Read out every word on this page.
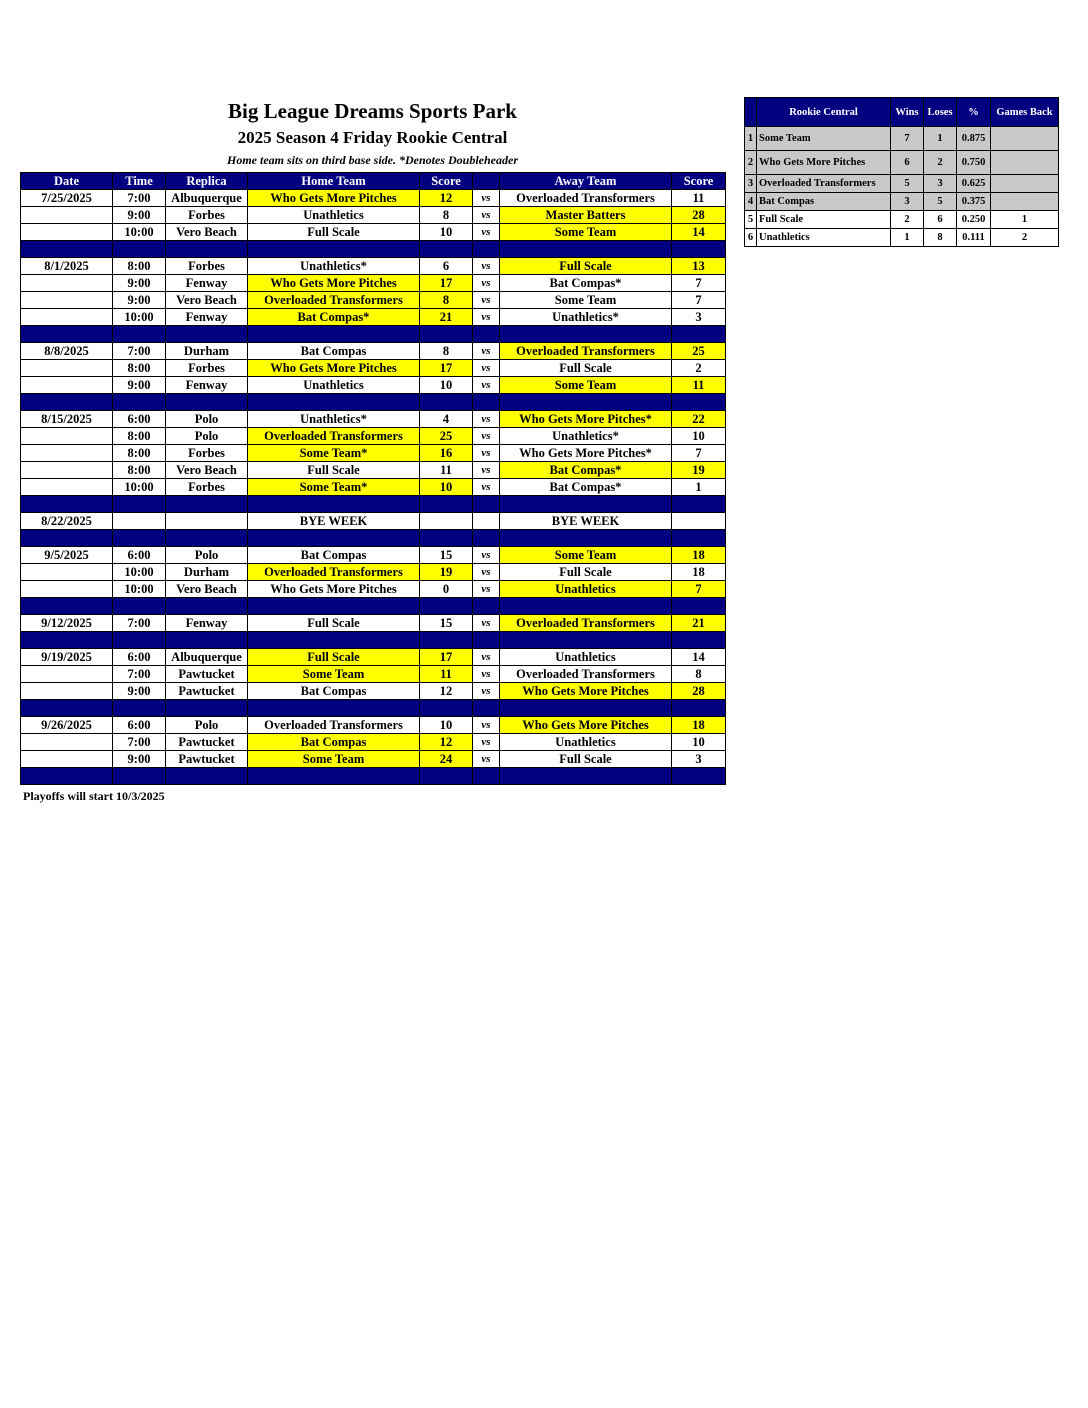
Big League Dreams Sports Park
2025 Season 4 Friday Rookie Central
Home team sits on third base side. *Denotes Doubleheader
Date	Time	Replica	Home Team	Score		Away Team	Score
7/25/2025	7:00	Albuquerque	Who Gets More Pitches	12	vs	Overloaded Transformers	11
	9:00	Forbes	Unathletics	8	vs	Master Batters	28
	10:00	Vero Beach	Full Scale	10	vs	Some Team	14

8/1/2025	8:00	Forbes	Unathletics*	6	vs	Full Scale	13
	9:00	Fenway	Who Gets More Pitches	17	vs	Bat Compas*	7
	9:00	Vero Beach	Overloaded Transformers	8	vs	Some Team	7
	10:00	Fenway	Bat Compas*	21	vs	Unathletics*	3

8/8/2025	7:00	Durham	Bat Compas	8	vs	Overloaded Transformers	25
	8:00	Forbes	Who Gets More Pitches	17	vs	Full Scale	2
	9:00	Fenway	Unathletics	10	vs	Some Team	11

8/15/2025	6:00	Polo	Unathletics*	4	vs	Who Gets More Pitches*	22
	8:00	Polo	Overloaded Transformers	25	vs	Unathletics*	10
	8:00	Forbes	Some Team*	16	vs	Who Gets More Pitches*	7
	8:00	Vero Beach	Full Scale	11	vs	Bat Compas*	19
	10:00	Forbes	Some Team*	10	vs	Bat Compas*	1

8/22/2025			BYE WEEK			BYE WEEK	

9/5/2025	6:00	Polo	Bat Compas	15	vs	Some Team	18
	10:00	Durham	Overloaded Transformers	19	vs	Full Scale	18
	10:00	Vero Beach	Who Gets More Pitches	0	vs	Unathletics	7

9/12/2025	7:00	Fenway	Full Scale	15	vs	Overloaded Transformers	21

9/19/2025	6:00	Albuquerque	Full Scale	17	vs	Unathletics	14
	7:00	Pawtucket	Some Team	11	vs	Overloaded Transformers	8
	9:00	Pawtucket	Bat Compas	12	vs	Who Gets More Pitches	28

9/26/2025	6:00	Polo	Overloaded Transformers	10	vs	Who Gets More Pitches	18
	7:00	Pawtucket	Bat Compas	12	vs	Unathletics	10
	9:00	Pawtucket	Some Team	24	vs	Full Scale	3

Playoffs will start 10/3/2025
	Rookie Central	Wins	Loses	%	Games Back
1	Some Team	7	1	0.875	
2	Who Gets More Pitches	6	2	0.750	
3	Overloaded Transformers	5	3	0.625	
4	Bat Compas	3	5	0.375	
5	Full Scale	2	6	0.250	1
6	Unathletics	1	8	0.111	2
